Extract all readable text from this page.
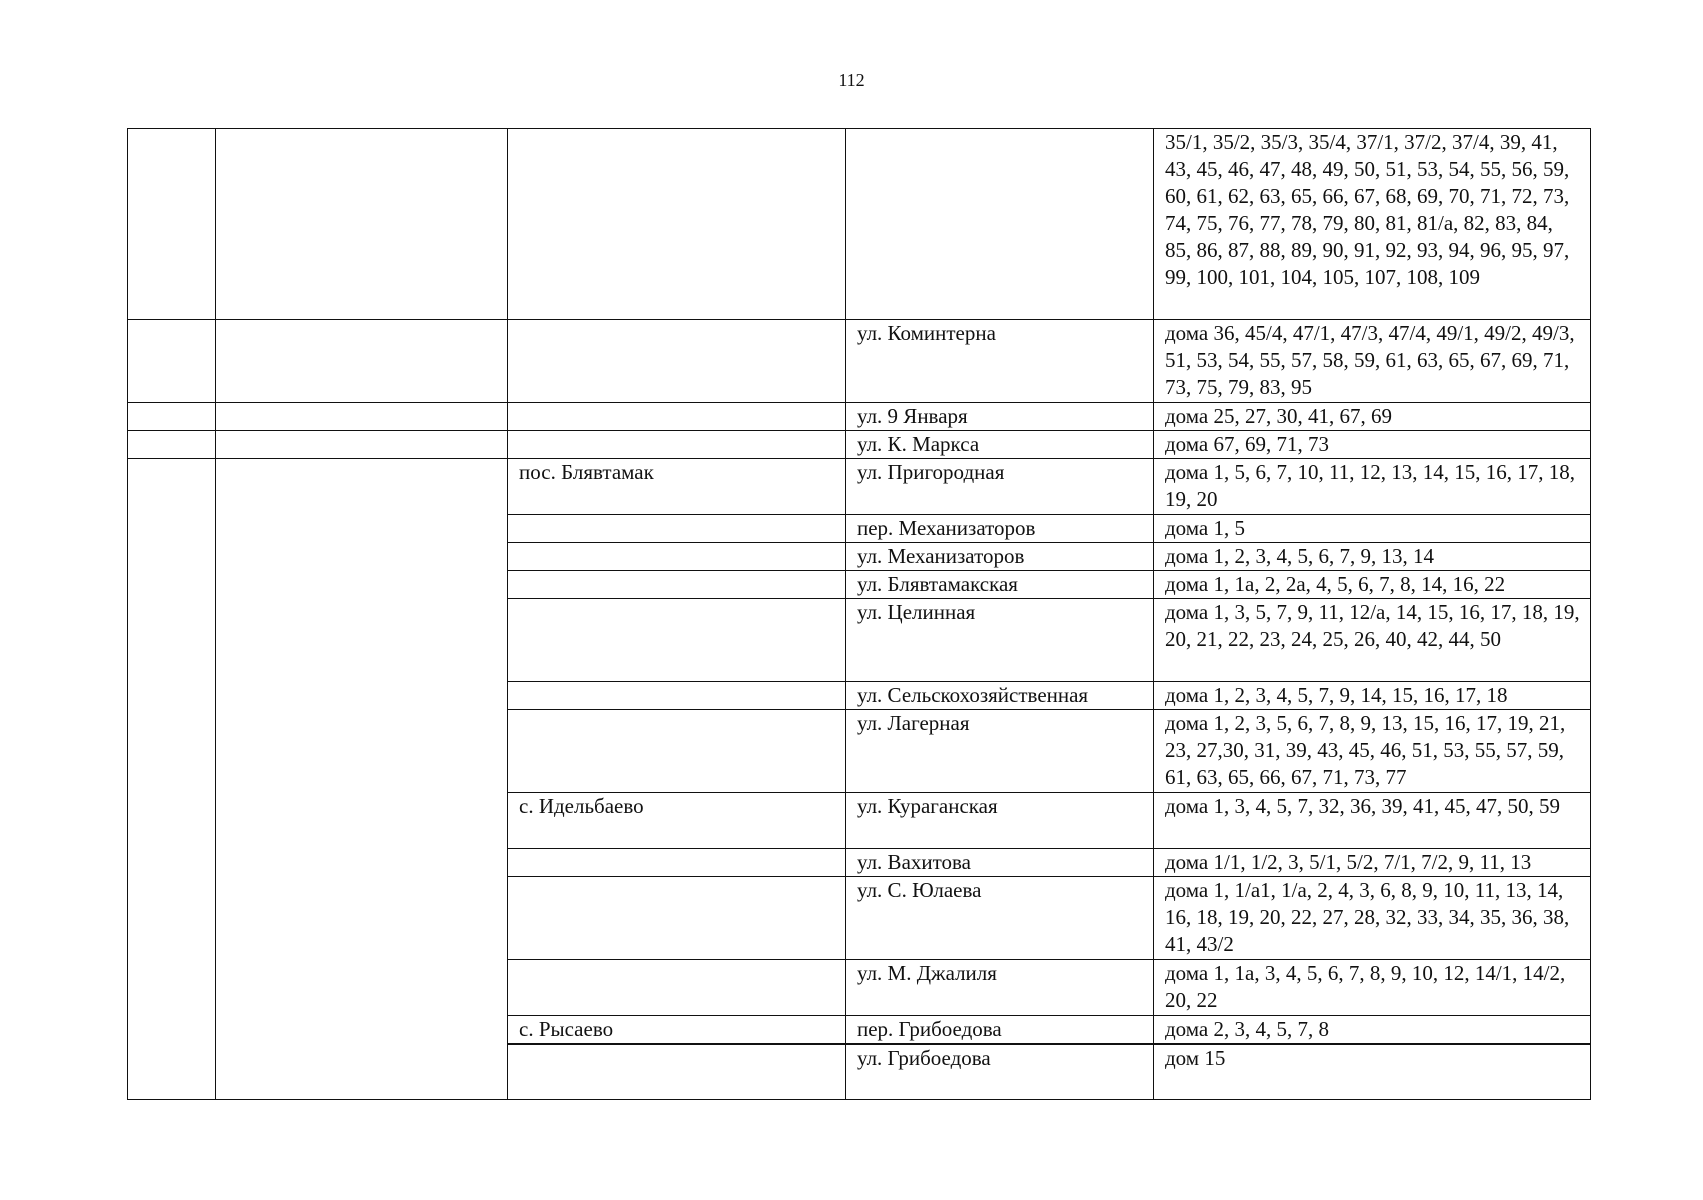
112
				35/1, 35/2, 35/3, 35/4, 37/1, 37/2, 37/4, 39, 41, 43, 45, 46, 47, 48, 49, 50, 51, 53, 54, 55, 56, 59, 60, 61, 62, 63, 65, 66, 67, 68, 69, 70, 71, 72, 73, 74, 75, 76, 77, 78, 79, 80, 81, 81/а, 82, 83, 84, 85, 86, 87, 88, 89, 90, 91, 92, 93, 94, 96, 95, 97, 99, 100, 101, 104, 105, 107, 108, 109
			ул. Коминтерна	дома 36, 45/4, 47/1, 47/3, 47/4, 49/1, 49/2, 49/3, 51, 53, 54, 55, 57, 58, 59, 61, 63, 65, 67, 69, 71, 73, 75, 79, 83, 95
			ул. 9 Января	дома 25, 27, 30, 41, 67, 69
			ул. К. Маркса	дома 67, 69, 71, 73
		пос. Блявтамак	ул. Пригородная	дома 1, 5, 6, 7, 10, 11, 12, 13, 14, 15, 16, 17, 18, 19, 20
			пер. Механизаторов	дома 1, 5
			ул. Механизаторов	дома 1, 2, 3, 4, 5, 6, 7, 9, 13, 14
			ул. Блявтамакская	дома 1, 1а, 2, 2а, 4, 5, 6, 7, 8, 14, 16, 22
			ул. Целинная	дома 1, 3, 5, 7, 9, 11, 12/а, 14, 15, 16, 17, 18, 19, 20, 21, 22, 23, 24, 25, 26, 40, 42, 44, 50
			ул. Сельскохозяйственная	дома 1, 2, 3, 4, 5, 7, 9, 14, 15, 16, 17, 18
			ул. Лагерная	дома 1, 2, 3, 5, 6, 7, 8, 9, 13, 15, 16, 17, 19, 21, 23, 27,30, 31, 39, 43, 45, 46, 51, 53, 55, 57, 59, 61, 63, 65, 66, 67, 71, 73, 77
		с. Идельбаево	ул. Кураганская	дома 1, 3, 4, 5, 7, 32, 36, 39, 41, 45, 47, 50, 59
			ул. Вахитова	дома 1/1, 1/2, 3, 5/1, 5/2, 7/1, 7/2, 9, 11, 13
			ул. С. Юлаева	дома 1, 1/а1, 1/а, 2, 4, 3, 6, 8, 9, 10, 11, 13, 14, 16, 18, 19, 20, 22, 27, 28, 32, 33, 34, 35, 36, 38, 41, 43/2
			ул. М. Джалиля	дома 1, 1а, 3, 4, 5, 6, 7, 8, 9, 10, 12, 14/1, 14/2, 20, 22
		с. Рысаево	пер. Грибоедова	дома 2, 3, 4, 5, 7, 8

			ул. Грибоедова	дом 15
